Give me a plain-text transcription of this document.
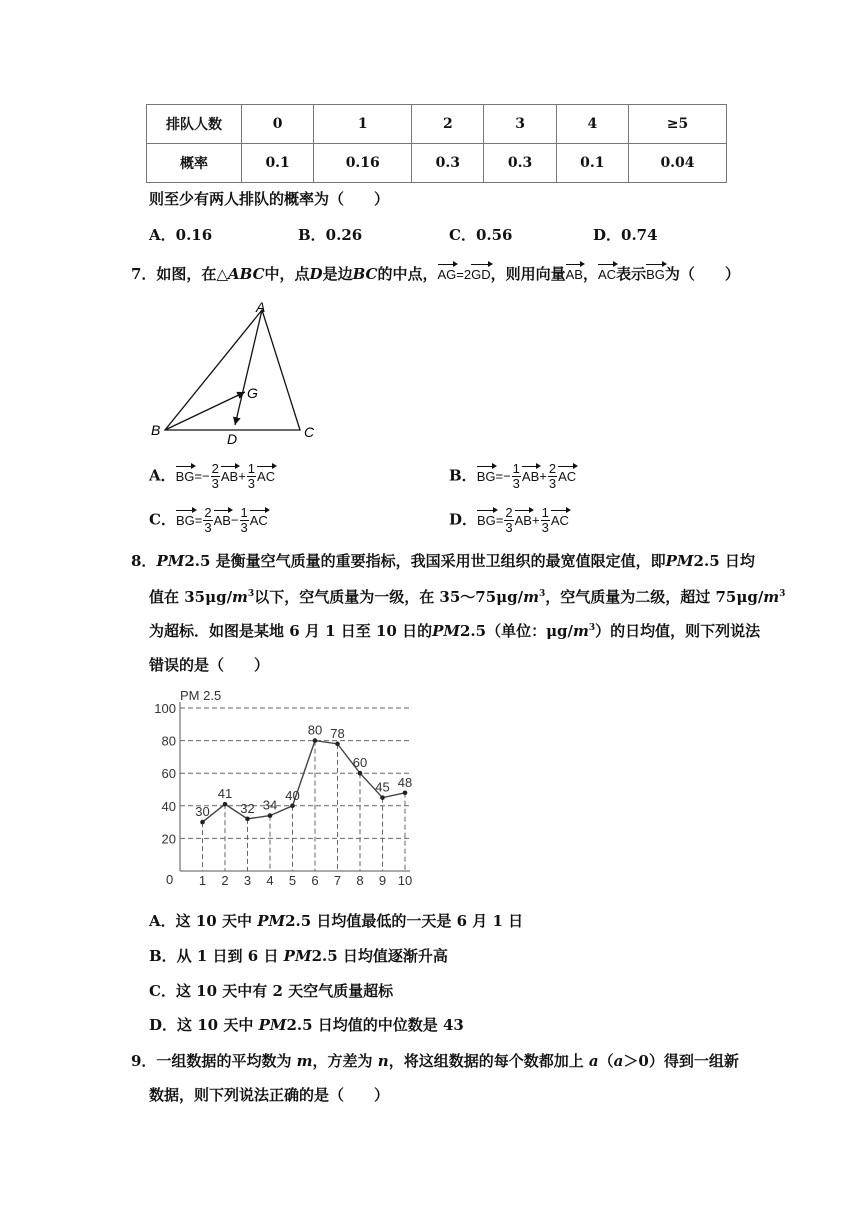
排队人数	0	1	2	3	4	≥5
概率	0.1	0.16	0.3	0.3	0.1	0.04
则至少有两人排队的概率为（　　）
A．0.16	B．0.26	C．0.56	D．0.74
7．如图，在△ABC中，点D是边BC的中点，AG=2GD，则用向量AB，AC表示BG为（　　）
A
B	C
D
G
A．$BG=- \frac{2}{3} AB+ \frac{1}{3}$ AC	B．$BG=- \frac{1}{3} AB+ \frac{2}{3}$ AC
C．$BG= \frac{2}{3} AB- \frac{1}{3}$ AC	D．$BG= \frac{2}{3} AB+ \frac{1}{3}$ AC
8．PM2.5 是衡量空气质量的重要指标，我国采用世卫组织的最宽值限定值，即PM2.5 日均
值在 $35\mu g/m^3$以下，空气质量为一级，在 $35\sim 75\mu g/m^3$，空气质量为二级，超过 $75\mu g/m^3$
为超标．如图是某地 6 月 1 日至 10 日的PM2.5（单位：$\mu g/m^3$）的日均值，则下列说法
错误的是（　　）
PM 2.5
0
20
40
60
80
100
1 2 3 4 5 6 7 8 9 10
30
41
32 34
40
80 78
60
45 48
A．这 10 天中 PM2.5 日均值最低的一天是 6 月 1 日
B．从 1 日到 6 日 PM2.5 日均值逐渐升高
C．这 10 天中有 2 天空气质量超标
D．这 10 天中 PM2.5 日均值的中位数是 43
9．一组数据的平均数为 m，方差为 n，将这组数据的每个数都加上 a（a＞0）得到一组新
数据，则下列说法正确的是（　　）
